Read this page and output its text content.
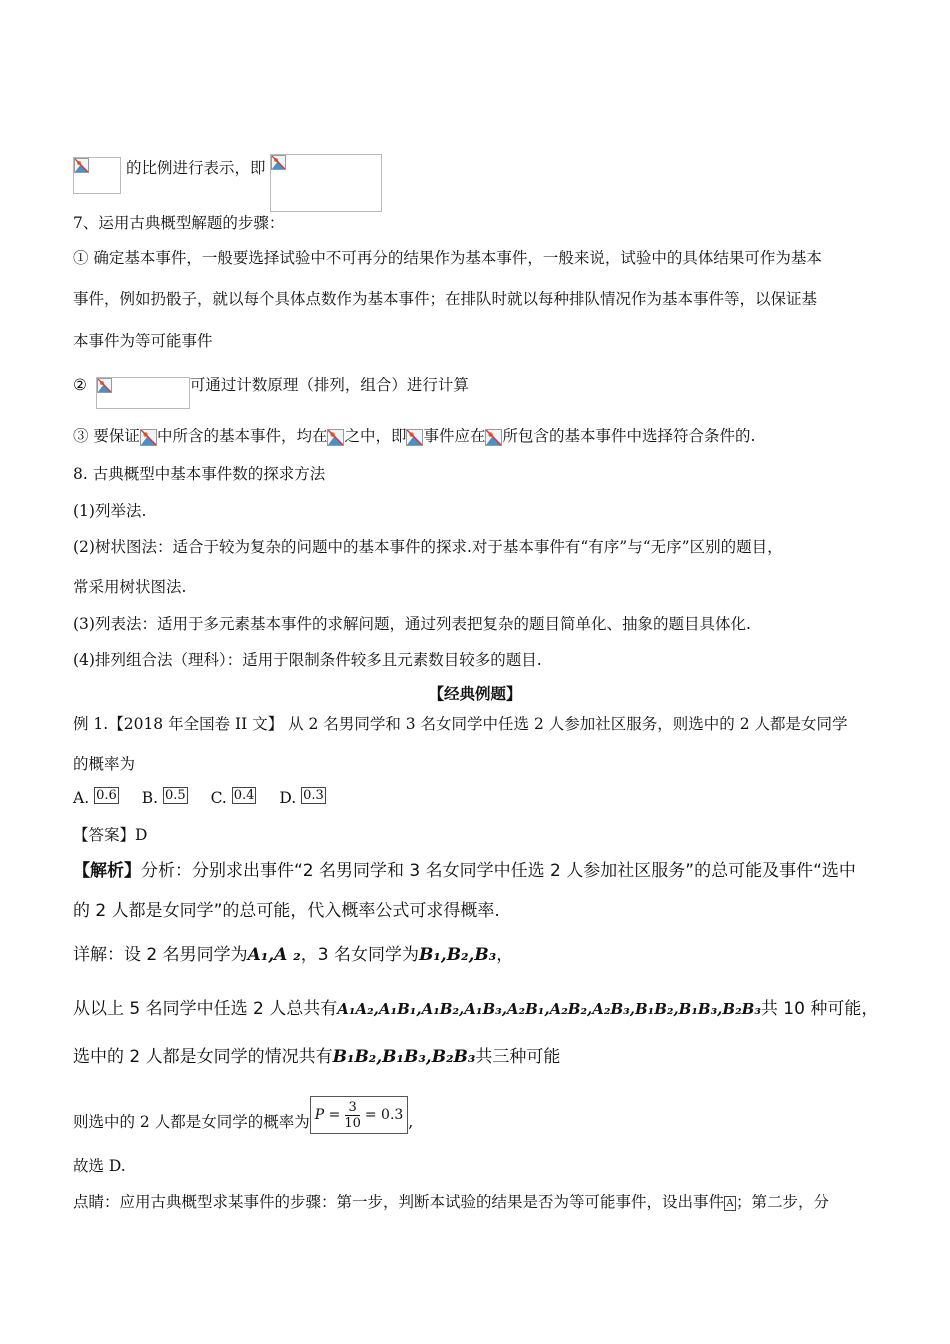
的比例进行表示，即
7、运用古典概型解题的步骤：
① 确定基本事件，一般要选择试验中不可再分的结果作为基本事件，一般来说，试验中的具体结果可作为基本
事件，例如扔骰子，就以每个具体点数作为基本事件；在排队时就以每种排队情况作为基本事件等，以保证基
本事件为等可能事件
②	可通过计数原理（排列，组合）进行计算
③ 要保证 中所含的基本事件，均在 之中，即 事件应在 所包含的基本事件中选择符合条件的.
8. 古典概型中基本事件数的探求方法
(1)列举法.
(2)树状图法：适合于较为复杂的问题中的基本事件的探求.对于基本事件有“有序”与“无序”区别的题目，
常采用树状图法.
(3)列表法：适用于多元素基本事件的求解问题，通过列表把复杂的题目简单化、抽象的题目具体化.
(4)排列组合法（理科）：适用于限制条件较多且元素数目较多的题目.
【经典例题】
例 1.【2018 年全国卷 II 文】 从 2 名男同学和 3 名女同学中任选 2 人参加社区服务，则选中的 2 人都是女同学
的概率为
A. 0.6 B. 0.5 C. 0.4 D. 0.3
【答案】D
【解析】分析：分别求出事件“2 名男同学和 3 名女同学中任选 2 人参加社区服务”的总可能及事件“选中
的 2 人都是女同学”的总可能，代入概率公式可求得概率.
详解：设 2 名男同学为A₁,A ₂，3 名女同学为B₁,B₂,B₃，
从以上 5 名同学中任选 2 人总共有A₁A₂,A₁B₁,A₁B₂,A₁B₃,A₂B₁,A₂B₂,A₂B₃,B₁B₂,B₁B₃,B₂B₃共 10 种可能，
选中的 2 人都是女同学的情况共有B₁B₂,B₁B₃,B₂B₃共三种可能
则选中的 2 人都是女同学的概率为 $P = \frac{3}{10} = 0.3$ ,
故选 D.
点睛：应用古典概型求某事件的步骤：第一步，判断本试验的结果是否为等可能事件，设出事件 A ；第二步，分
